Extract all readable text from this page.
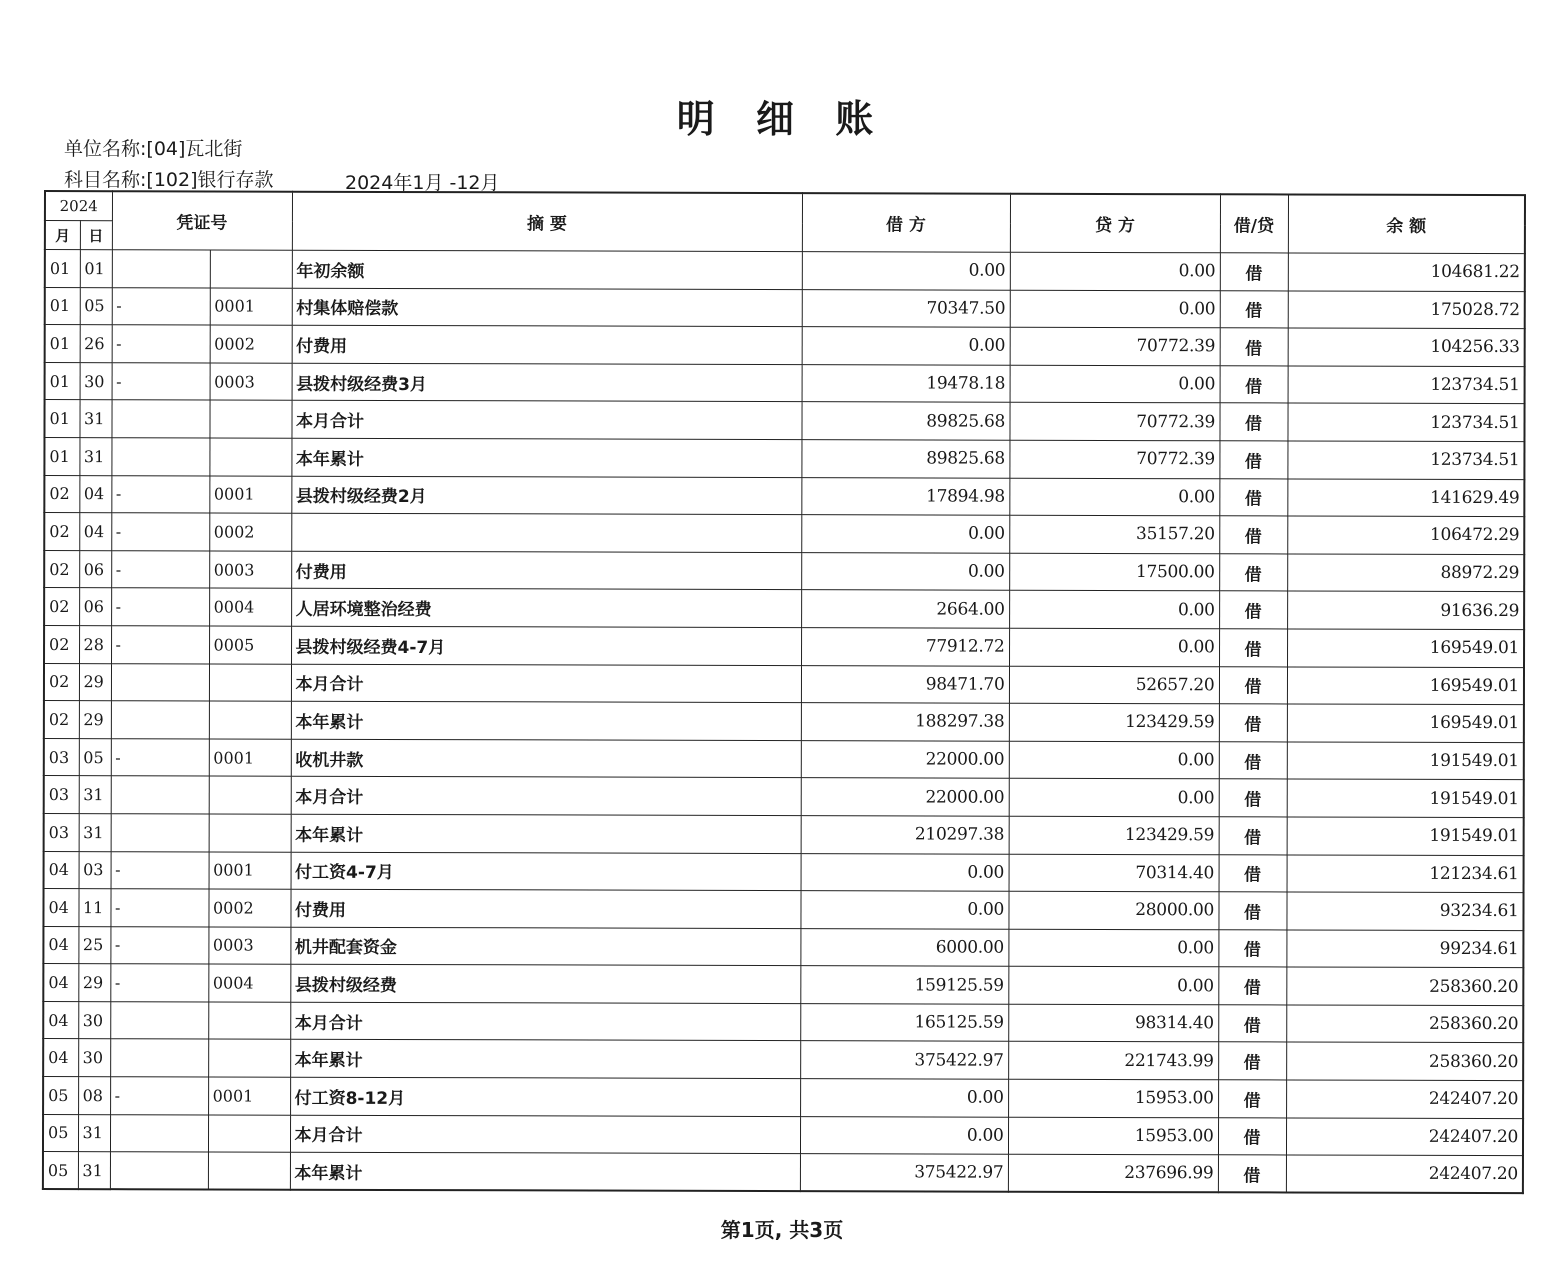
明 细 账
单位名称:[04]瓦北街
科目名称:[102]银行存款	2024年1月 -12月
2024		凭证号		摘 要	借 方	贷 方	借/贷	余 额
月	日							
01	01			年初余额	0.00	0.00	借	104681.22
01	05	-	0001	村集体赔偿款	70347.50	0.00	借	175028.72
01	26	-	0002	付费用	0.00	70772.39	借	104256.33
01	30	-	0003	县拨村级经费3月	19478.18	0.00	借	123734.51
01	31			本月合计	89825.68	70772.39	借	123734.51
01	31			本年累计	89825.68	70772.39	借	123734.51
02	04	-	0001	县拨村级经费2月	17894.98	0.00	借	141629.49
02	04	-	0002		0.00	35157.20	借	106472.29
02	06	-	0003	付费用	0.00	17500.00	借	88972.29
02	06	-	0004	人居环境整治经费	2664.00	0.00	借	91636.29
02	28	-	0005	县拨村级经费4-7月	77912.72	0.00	借	169549.01
02	29			本月合计	98471.70	52657.20	借	169549.01
02	29			本年累计	188297.38	123429.59	借	169549.01
03	05	-	0001	收机井款	22000.00	0.00	借	191549.01
03	31			本月合计	22000.00	0.00	借	191549.01
03	31			本年累计	210297.38	123429.59	借	191549.01
04	03	-	0001	付工资4-7月	0.00	70314.40	借	121234.61
04	11	-	0002	付费用	0.00	28000.00	借	93234.61
04	25	-	0003	机井配套资金	6000.00	0.00	借	99234.61
04	29	-	0004	县拨村级经费	159125.59	0.00	借	258360.20
04	30			本月合计	165125.59	98314.40	借	258360.20
04	30			本年累计	375422.97	221743.99	借	258360.20
05	08	-	0001	付工资8-12月	0.00	15953.00	借	242407.20
05	31			本月合计	0.00	15953.00	借	242407.20
05	31			本年累计	375422.97	237696.99	借	242407.20
第1页, 共3页
